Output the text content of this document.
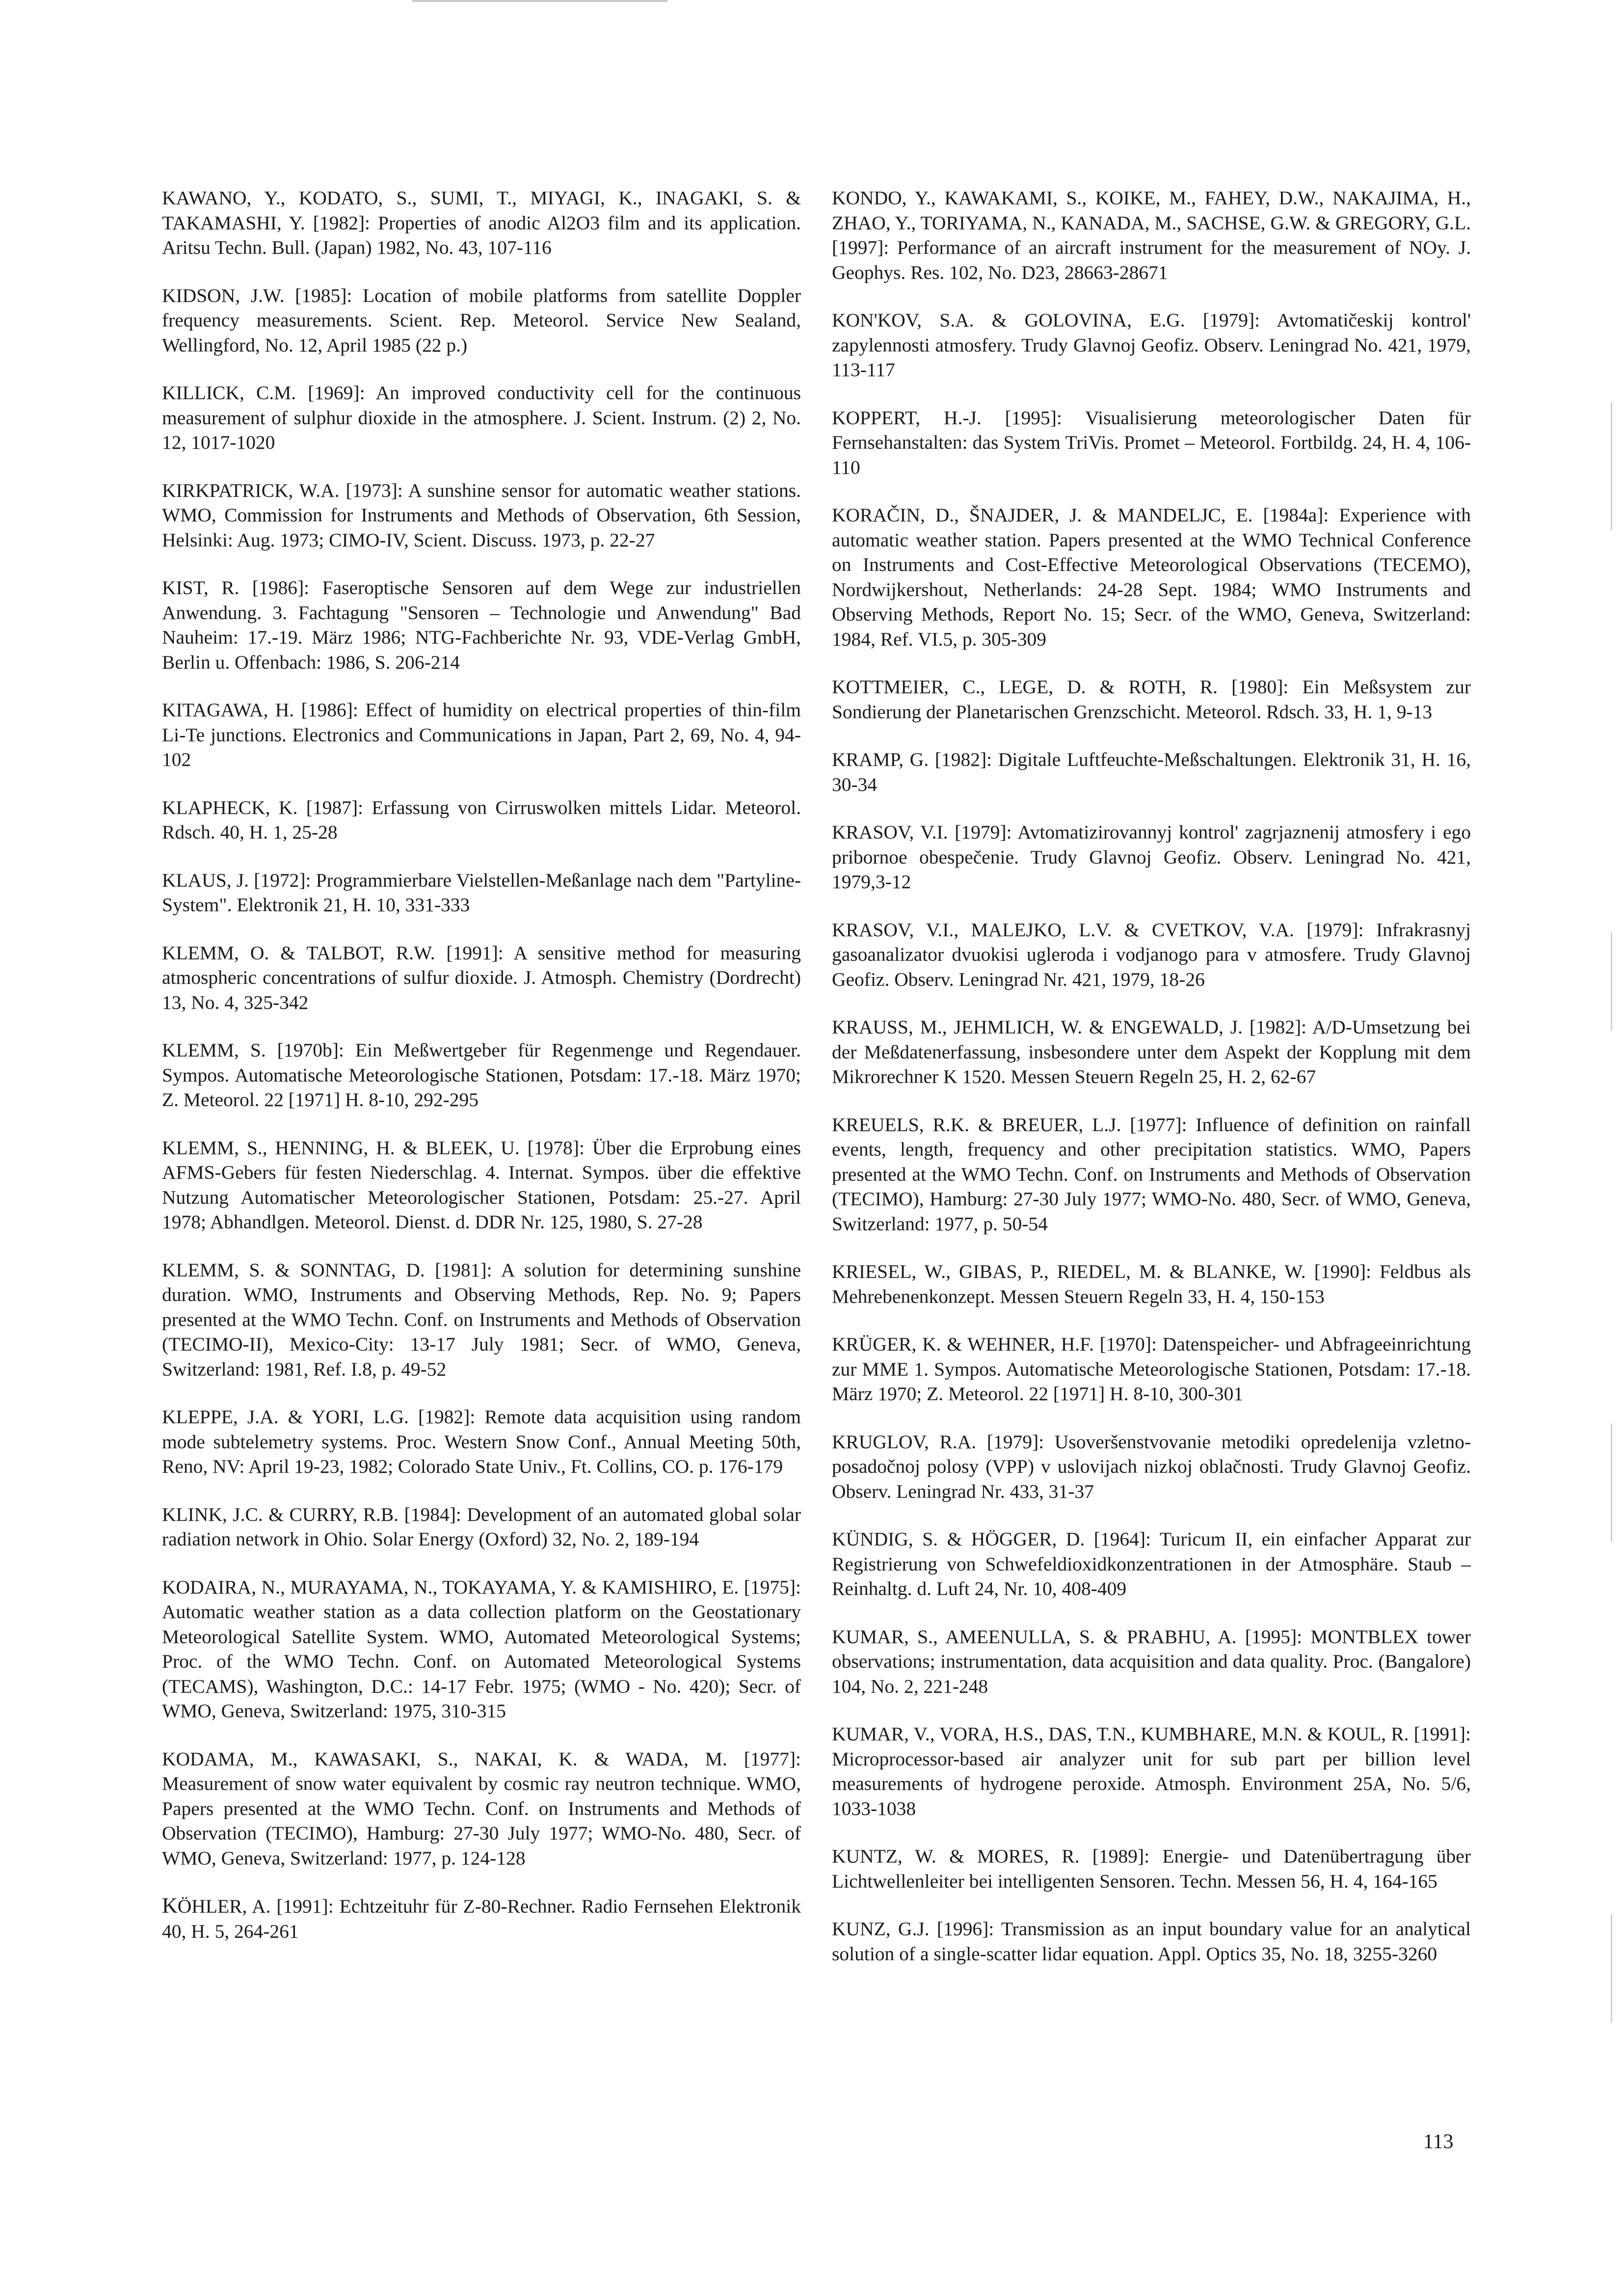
KAWANO, Y., KODATO, S., SUMI, T., MIYAGI, K., INAGAKI, S. & TAKAMASHI, Y. [1982]: Properties of anodic Al2O3 film and its application. Aritsu Techn. Bull. (Japan) 1982, No. 43, 107-116

KIDSON, J.W. [1985]: Location of mobile platforms from satellite Doppler frequency measurements. Scient. Rep. Meteorol. Service New Sealand, Wellingford, No. 12, April 1985 (22 p.)

KILLICK, C.M. [1969]: An improved conductivity cell for the continuous measurement of sulphur dioxide in the atmosphere. J. Scient. Instrum. (2) 2, No. 12, 1017-1020

KIRKPATRICK, W.A. [1973]: A sunshine sensor for automatic weather stations. WMO, Commission for Instruments and Methods of Observation, 6th Session, Helsinki: Aug. 1973; CIMO-IV, Scient. Discuss. 1973, p. 22-27

KIST, R. [1986]: Faseroptische Sensoren auf dem Wege zur industriellen Anwendung. 3. Fachtagung "Sensoren – Technologie und Anwendung" Bad Nauheim: 17.-19. März 1986; NTG-Fachberichte Nr. 93, VDE-Verlag GmbH, Berlin u. Offenbach: 1986, S. 206-214

KITAGAWA, H. [1986]: Effect of humidity on electrical properties of thin-film Li-Te junctions. Electronics and Communications in Japan, Part 2, 69, No. 4, 94-102

KLAPHECK, K. [1987]: Erfassung von Cirruswolken mittels Lidar. Meteorol. Rdsch. 40, H. 1, 25-28

KLAUS, J. [1972]: Programmierbare Vielstellen-Meßanlage nach dem "Partyline-System". Elektronik 21, H. 10, 331-333

KLEMM, O. & TALBOT, R.W. [1991]: A sensitive method for measuring atmospheric concentrations of sulfur dioxide. J. Atmosph. Chemistry (Dordrecht) 13, No. 4, 325-342

KLEMM, S. [1970b]: Ein Meßwertgeber für Regenmenge und Regendauer. Sympos. Automatische Meteorologische Stationen, Potsdam: 17.-18. März 1970; Z. Meteorol. 22 [1971] H. 8-10, 292-295

KLEMM, S., HENNING, H. & BLEEK, U. [1978]: Über die Erprobung eines AFMS-Gebers für festen Niederschlag. 4. Internat. Sympos. über die effektive Nutzung Automatischer Meteorologischer Stationen, Potsdam: 25.-27. April 1978; Abhandlgen. Meteorol. Dienst. d. DDR Nr. 125, 1980, S. 27-28

KLEMM, S. & SONNTAG, D. [1981]: A solution for determining sunshine duration. WMO, Instruments and Observing Methods, Rep. No. 9; Papers presented at the WMO Techn. Conf. on Instruments and Methods of Observation (TECIMO-II), Mexico-City: 13-17 July 1981; Secr. of WMO, Geneva, Switzerland: 1981, Ref. I.8, p. 49-52

KLEPPE, J.A. & YORI, L.G. [1982]: Remote data acquisition using random mode subtelemetry systems. Proc. Western Snow Conf., Annual Meeting 50th, Reno, NV: April 19-23, 1982; Colorado State Univ., Ft. Collins, CO. p. 176-179

KLINK, J.C. & CURRY, R.B. [1984]: Development of an automated global solar radiation network in Ohio. Solar Energy (Oxford) 32, No. 2, 189-194

KODAIRA, N., MURAYAMA, N., TOKAYAMA, Y. & KAMISHIRO, E. [1975]: Automatic weather station as a data collection platform on the Geostationary Meteorological Satellite System. WMO, Automated Meteorological Systems; Proc. of the WMO Techn. Conf. on Automated Meteorological Systems (TECAMS), Washington, D.C.: 14-17 Febr. 1975; (WMO - No. 420); Secr. of WMO, Geneva, Switzerland: 1975, 310-315

KODAMA, M., KAWASAKI, S., NAKAI, K. & WADA, M. [1977]: Measurement of snow water equivalent by cosmic ray neutron technique. WMO, Papers presented at the WMO Techn. Conf. on Instruments and Methods of Observation (TECIMO), Hamburg: 27-30 July 1977; WMO-No. 480, Secr. of WMO, Geneva, Switzerland: 1977, p. 124-128

KÖHLER, A. [1991]: Echtzeituhr für Z-80-Rechner. Radio Fernsehen Elektronik 40, H. 5, 264-261

KONDO, Y., KAWAKAMI, S., KOIKE, M., FAHEY, D.W., NAKAJIMA, H., ZHAO, Y., TORIYAMA, N., KANADA, M., SACHSE, G.W. & GREGORY, G.L. [1997]: Performance of an aircraft instrument for the measurement of NOy. J. Geophys. Res. 102, No. D23, 28663-28671

KON'KOV, S.A. & GOLOVINA, E.G. [1979]: Avtomatičeskij kontrol' zapylennosti atmosfery. Trudy Glavnoj Geofiz. Observ. Leningrad No. 421, 1979, 113-117

KOPPERT, H.-J. [1995]: Visualisierung meteorologischer Daten für Fernsehanstalten: das System TriVis. Promet – Meteorol. Fortbildg. 24, H. 4, 106-110

KORAČIN, D., ŠNAJDER, J. & MANDELJC, E. [1984a]: Experience with automatic weather station. Papers presented at the WMO Technical Conference on Instruments and Cost-Effective Meteorological Observations (TECEMO), Nordwijkershout, Netherlands: 24-28 Sept. 1984; WMO Instruments and Observing Methods, Report No. 15; Secr. of the WMO, Geneva, Switzerland: 1984, Ref. VI.5, p. 305-309

KOTTMEIER, C., LEGE, D. & ROTH, R. [1980]: Ein Meßsystem zur Sondierung der Planetarischen Grenzschicht. Meteorol. Rdsch. 33, H. 1, 9-13

KRAMP, G. [1982]: Digitale Luftfeuchte-Meßschaltungen. Elektronik 31, H. 16, 30-34

KRASOV, V.I. [1979]: Avtomatizirovannyj kontrol' zagrjaznenij atmosfery i ego pribornoe obespečenie. Trudy Glavnoj Geofiz. Observ. Leningrad No. 421, 1979,3-12

KRASOV, V.I., MALEJKO, L.V. & CVETKOV, V.A. [1979]: Infrakrasnyj gasoanalizator dvuokisi ugleroda i vodjanogo para v atmosfere. Trudy Glavnoj Geofiz. Observ. Leningrad Nr. 421, 1979, 18-26

KRAUSS, M., JEHMLICH, W. & ENGEWALD, J. [1982]: A/D-Umsetzung bei der Meßdatenerfassung, insbesondere unter dem Aspekt der Kopplung mit dem Mikrorechner K 1520. Messen Steuern Regeln 25, H. 2, 62-67

KREUELS, R.K. & BREUER, L.J. [1977]: Influence of definition on rainfall events, length, frequency and other precipitation statistics. WMO, Papers presented at the WMO Techn. Conf. on Instruments and Methods of Observation (TECIMO), Hamburg: 27-30 July 1977; WMO-No. 480, Secr. of WMO, Geneva, Switzerland: 1977, p. 50-54

KRIESEL, W., GIBAS, P., RIEDEL, M. & BLANKE, W. [1990]: Feldbus als Mehrebenenkonzept. Messen Steuern Regeln 33, H. 4, 150-153

KRÜGER, K. & WEHNER, H.F. [1970]: Datenspeicher- und Abfrageeinrichtung zur MME 1. Sympos. Automatische Meteorologische Stationen, Potsdam: 17.-18. März 1970; Z. Meteorol. 22 [1971] H. 8-10, 300-301

KRUGLOV, R.A. [1979]: Usoveršenstvovanie metodiki opredelenija vzletno-posadočnoj polosy (VPP) v uslovijach nizkoj oblačnosti. Trudy Glavnoj Geofiz. Observ. Leningrad Nr. 433, 31-37

KÜNDIG, S. & HÖGGER, D. [1964]: Turicum II, ein einfacher Apparat zur Registrierung von Schwefeldioxidkonzentrationen in der Atmosphäre. Staub – Reinhaltg. d. Luft 24, Nr. 10, 408-409

KUMAR, S., AMEENULLA, S. & PRABHU, A. [1995]: MONTBLEX tower observations; instrumentation, data acquisition and data quality. Proc. (Bangalore) 104, No. 2, 221-248

KUMAR, V., VORA, H.S., DAS, T.N., KUMBHARE, M.N. & KOUL, R. [1991]: Microprocessor-based air analyzer unit for sub part per billion level measurements of hydrogene peroxide. Atmosph. Environment 25A, No. 5/6, 1033-1038

KUNTZ, W. & MORES, R. [1989]: Energie- und Datenübertragung über Lichtwellenleiter bei intelligenten Sensoren. Techn. Messen 56, H. 4, 164-165

KUNZ, G.J. [1996]: Transmission as an input boundary value for an analytical solution of a single-scatter lidar equation. Appl. Optics 35, No. 18, 3255-3260

113
